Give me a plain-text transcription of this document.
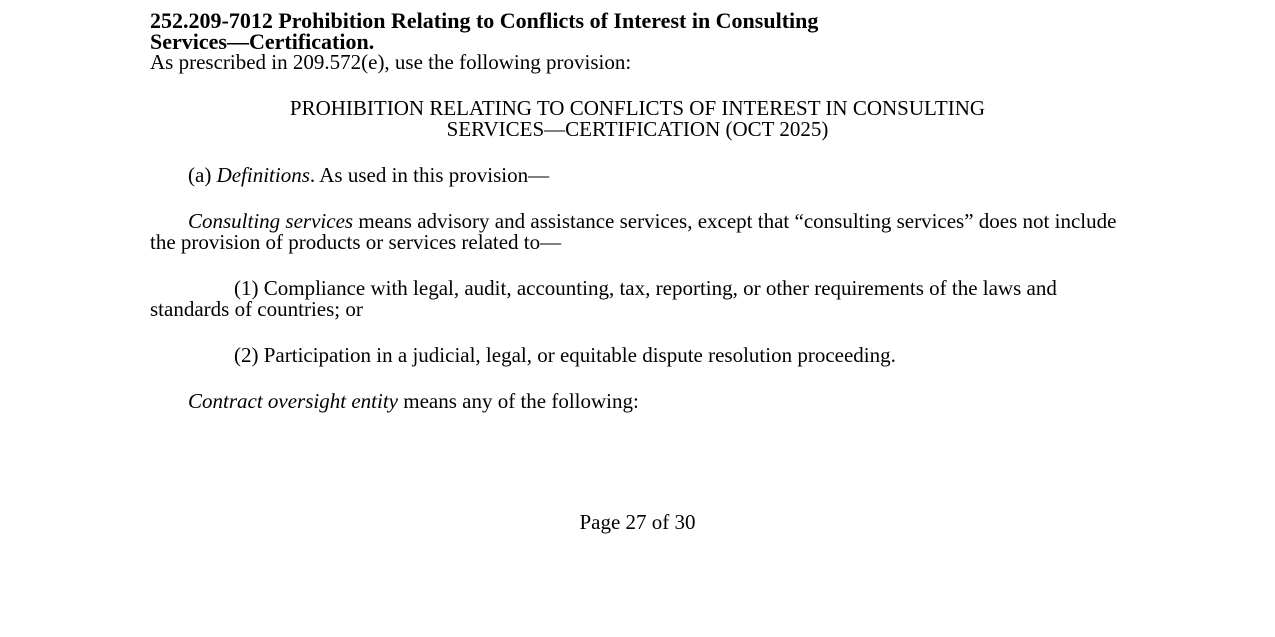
252.209-7012 Prohibition Relating to Conflicts of Interest in Consulting
Services—Certification.

As prescribed in 209.572(e), use the following provision:

PROHIBITION RELATING TO CONFLICTS OF INTEREST IN CONSULTING
SERVICES—CERTIFICATION (OCT 2025)

(a) Definitions. As used in this provision—

Consulting services means advisory and assistance services, except that “consulting services” does not include the provision of products or services related to—

(1) Compliance with legal, audit, accounting, tax, reporting, or other requirements of the laws and standards of countries; or

(2) Participation in a judicial, legal, or equitable dispute resolution proceeding.

Contract oversight entity means any of the following:

Page 27 of 30
